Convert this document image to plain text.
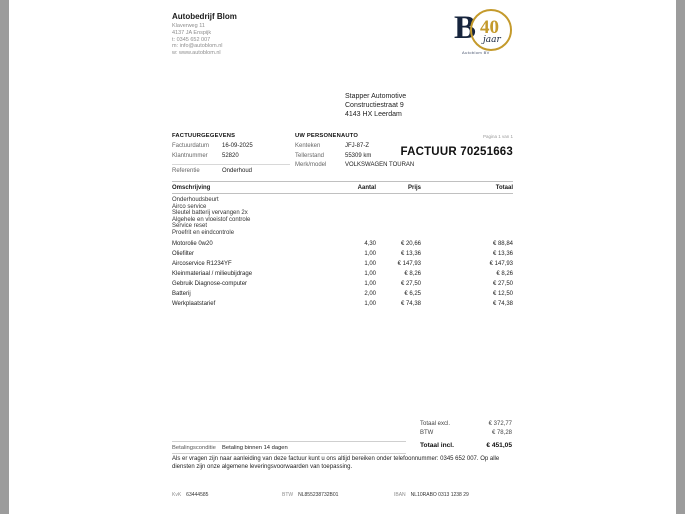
Autobedrijf Blom
Klaverweg 11
4137 JA Enspijk
t: 0345 652 007
m: info@autoblom.nl
w: www.autoblom.nl
B 40
jaar
Autoblom BV
Stapper Automotive
Constructiestraat 9
4143 HX Leerdam
FACTUURGEGEVENS
Factuurdatum	16-09-2025
Klantnummer	52820
Referentie	Onderhoud
UW PERSONENAUTO
Kenteken	JFJ-87-Z
Tellerstand	55309 km
Merk/model	VOLKSWAGEN TOURAN
Pagina 1 van 1
FACTUUR 70251663
Omschrijving	Aantal	Prijs	Totaal
Onderhoudsbeurt
Airco service
Sleutel batterij vervangen 2x
Algehele en vloeistof controle
Service reset
Proefrit en eindcontrole
Motorolie 0w20	4,30	€ 20,66	€ 88,84
Oliefilter	1,00	€ 13,36	€ 13,36
Aircoservice R1234YF	1,00	€ 147,93	€ 147,93
Kleinmateriaal / milieubijdrage	1,00	€ 8,26	€ 8,26
Gebruik Diagnose-computer	1,00	€ 27,50	€ 27,50
Batterij	2,00	€ 6,25	€ 12,50
Werkplaatstarief	1,00	€ 74,38	€ 74,38
Totaal excl.	€ 372,77
BTW	€ 78,28
Totaal incl.	€ 451,05
Betalingsconditie	Betaling binnen 14 dagen
Als er vragen zijn naar aanleiding van deze factuur kunt u ons altijd bereiken onder telefoonnummer: 0345 652 007. Op alle diensten zijn onze algemene leveringsvoorwaarden van toepassing.
KvK 63444585	BTW NL855238732B01	IBAN NL10RABO 0313 1238 29
